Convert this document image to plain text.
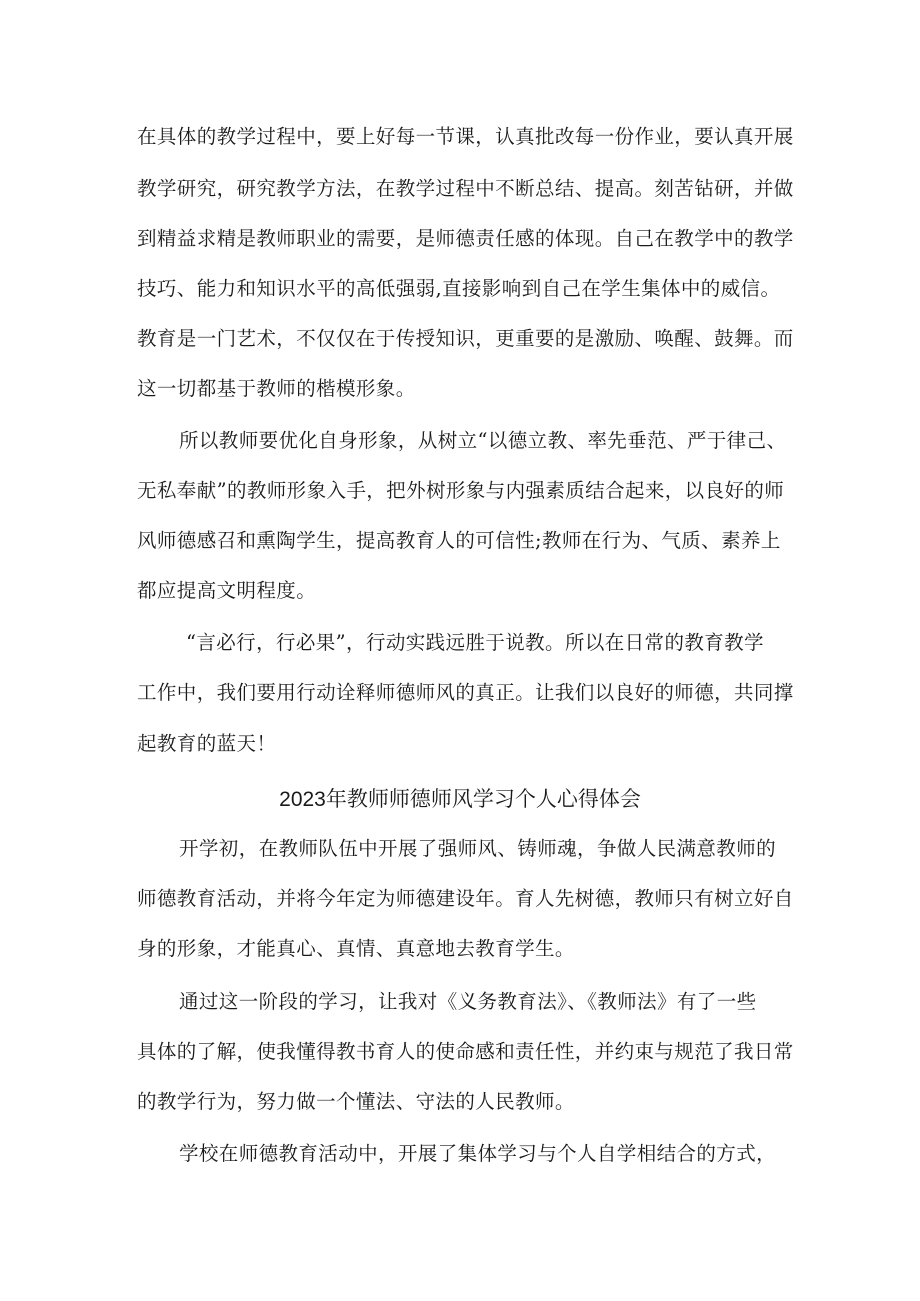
在具体的教学过程中，要上好每一节课，认真批改每一份作业，要认真开展
教学研究，研究教学方法，在教学过程中不断总结、提高。刻苦钻研，并做
到精益求精是教师职业的需要，是师德责任感的体现。自己在教学中的教学
技巧、能力和知识水平的高低强弱,直接影响到自己在学生集体中的威信。
教育是一门艺术，不仅仅在于传授知识，更重要的是激励、唤醒、鼓舞。而
这一切都基于教师的楷模形象。
所以教师要优化自身形象，从树立“以德立教、率先垂范、严于律己、
无私奉献”的教师形象入手，把外树形象与内强素质结合起来，以良好的师
风师德感召和熏陶学生，提高教育人的可信性;教师在行为、气质、素养上
都应提高文明程度。
“言必行，行必果”，行动实践远胜于说教。所以在日常的教育教学
工作中，我们要用行动诠释师德师风的真正。让我们以良好的师德，共同撑
起教育的蓝天！
2023年教师师德师风学习个人心得体会
开学初，在教师队伍中开展了强师风、铸师魂，争做人民满意教师的
师德教育活动，并将今年定为师德建设年。育人先树德，教师只有树立好自
身的形象，才能真心、真情、真意地去教育学生。
通过这一阶段的学习，让我对《义务教育法》、《教师法》有了一些
具体的了解，使我懂得教书育人的使命感和责任性，并约束与规范了我日常
的教学行为，努力做一个懂法、守法的人民教师。
学校在师德教育活动中，开展了集体学习与个人自学相结合的方式，
